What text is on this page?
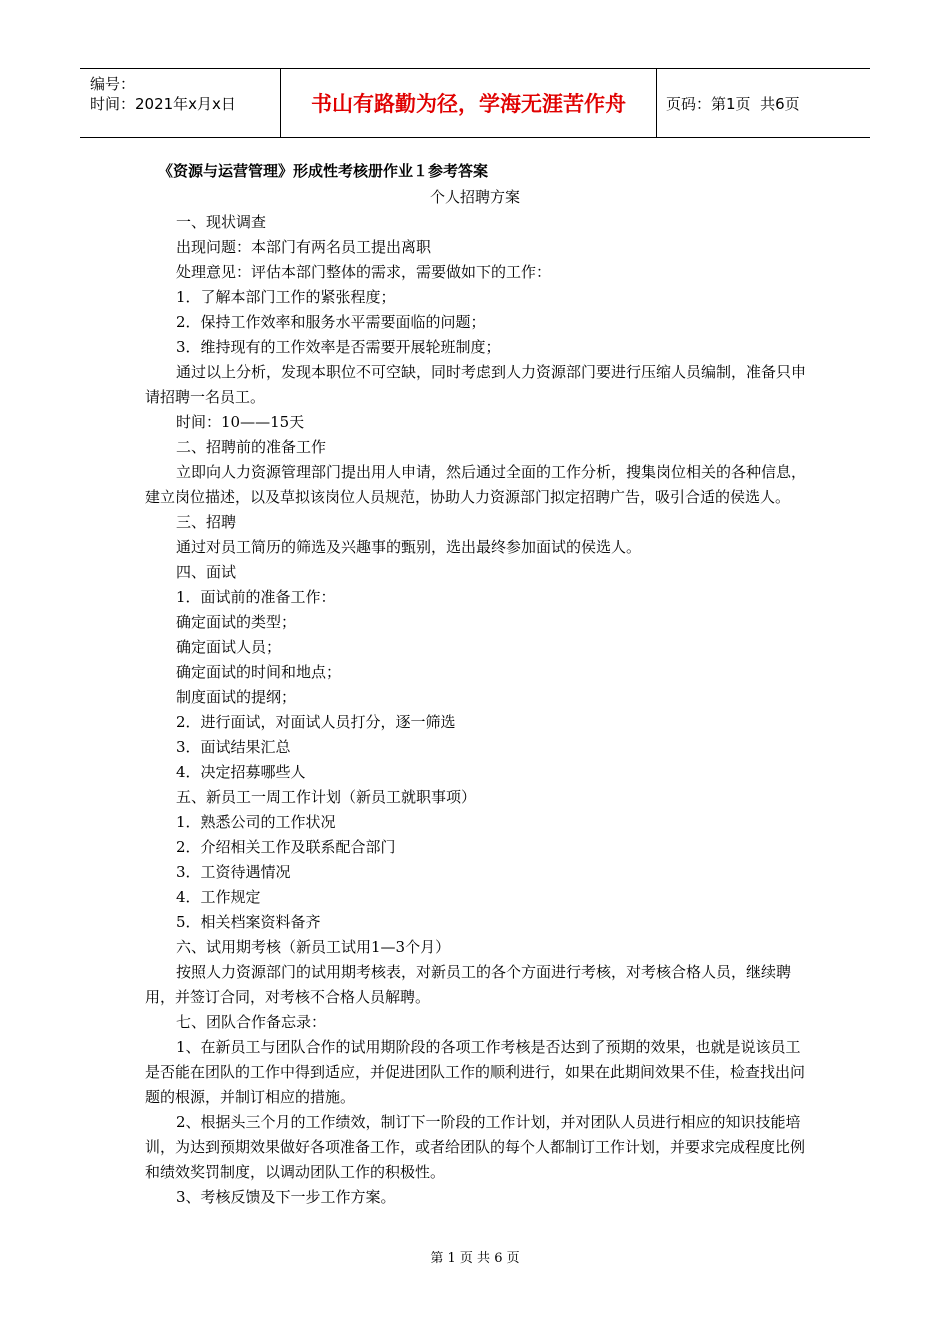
编号：
时间：2021年x月x日	书山有路勤为径，学海无涯苦作舟	页码：第1页  共6页
《资源与运营管理》形成性考核册作业１参考答案
个人招聘方案

一、现状调查

出现问题：本部门有两名员工提出离职

处理意见：评估本部门整体的需求，需要做如下的工作：

1．了解本部门工作的紧张程度；

2．保持工作效率和服务水平需要面临的问题；

3．维持现有的工作效率是否需要开展轮班制度；

通过以上分析，发现本职位不可空缺，同时考虑到人力资源部门要进行压缩人员编制，准备只申请招聘一名员工。

时间：10——15天

二、招聘前的准备工作

立即向人力资源管理部门提出用人申请，然后通过全面的工作分析，搜集岗位相关的各种信息，建立岗位描述，以及草拟该岗位人员规范，协助人力资源部门拟定招聘广告，吸引合适的侯选人。

三、招聘

通过对员工简历的筛选及兴趣事的甄别，选出最终参加面试的侯选人。

四、面试

1．面试前的准备工作：

确定面试的类型；

确定面试人员；

确定面试的时间和地点；

制度面试的提纲；

2．进行面试，对面试人员打分，逐一筛选

3．面试结果汇总

4．决定招募哪些人

五、新员工一周工作计划（新员工就职事项）

1．熟悉公司的工作状况

2．介绍相关工作及联系配合部门

3．工资待遇情况

4．工作规定

5．相关档案资料备齐

六、试用期考核（新员工试用1—3个月）

按照人力资源部门的试用期考核表，对新员工的各个方面进行考核，对考核合格人员，继续聘用，并签订合同，对考核不合格人员解聘。

七、团队合作备忘录：

1、在新员工与团队合作的试用期阶段的各项工作考核是否达到了预期的效果，也就是说该员工是否能在团队的工作中得到适应，并促进团队工作的顺利进行，如果在此期间效果不佳，检查找出问题的根源，并制订相应的措施。

2、根据头三个月的工作绩效，制订下一阶段的工作计划，并对团队人员进行相应的知识技能培训，为达到预期效果做好各项准备工作，或者给团队的每个人都制订工作计划，并要求完成程度比例和绩效奖罚制度，以调动团队工作的积极性。

3、考核反馈及下一步工作方案。

第 1 页 共 6 页
